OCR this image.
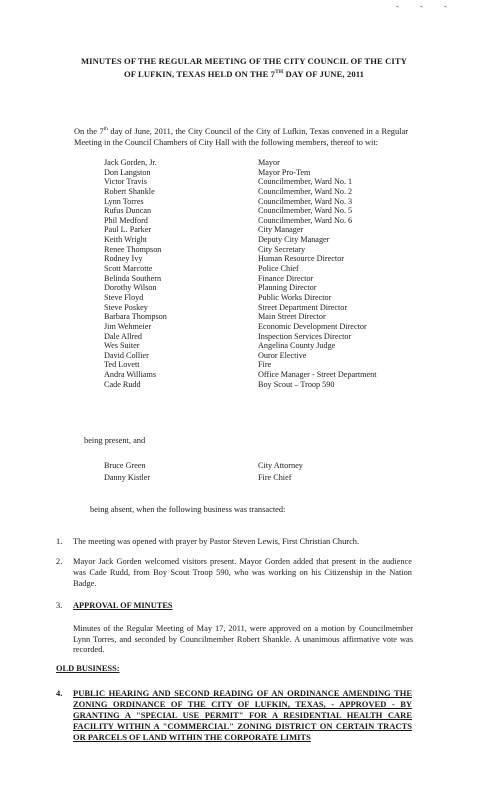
-	-	-
MINUTES OF THE REGULAR MEETING OF THE CITY COUNCIL OF THE CITY
OF LUFKIN, TEXAS HELD ON THE 7TH DAY OF JUNE, 2011
On the 7th day of June, 2011, the City Council of the City of Lufkin, Texas convened in a Regular Meeting in the Council Chambers of City Hall with the following members, thereof to wit:
Jack Gorden, Jr.	Mayor
Don Langston	Mayor Pro-Tem
Victor Travis	Councilmember, Ward No. 1
Robert Shankle	Councilmember, Ward No. 2
Lynn Torres	Councilmember, Ward No. 3
Rufus Duncan	Councilmember, Ward No. 5
Phil Medford	Councilmember, Ward No. 6
Paul L. Parker	City Manager
Keith Wright	Deputy City Manager
Renee Thompson	City Secretary
Rodney Ivy	Human Resource Director
Scott Marcotte	Police Chief
Belinda Southern	Finance Director
Dorothy Wilson	Planning Director
Steve Floyd	Public Works Director
Steve Poskey	Street Department Director
Barbara Thompson	Main Street Director
Jim Wehmeier	Economic Development Director
Dale Allred	Inspection Services Director
Wes Suiter	Angelina County Judge
David Collier	Ouror Elective
Ted Lovett	Fire
Andra Williams	Office Manager - Street Department
Cade Rudd	Boy Scout – Troop 590
being present, and
Bruce Green	City Attorney
Danny Kistler	Fire Chief
being absent, when the following business was transacted:
1. The meeting was opened with prayer by Pastor Steven Lewis, First Christian Church.
2. Mayor Jack Gorden welcomed visitors present. Mayor Gorden added that present in the audience was Cade Rudd, from Boy Scout Troop 590, who was working on his Citizenship in the Nation Badge.
3. APPROVAL OF MINUTES
Minutes of the Regular Meeting of May 17, 2011, were approved on a motion by Councilmember Lynn Torres, and seconded by Councilmember Robert Shankle. A unanimous affirmative vote was recorded.
OLD BUSINESS:
4. PUBLIC HEARING AND SECOND READING OF AN ORDINANCE AMENDING THE ZONING ORDINANCE OF THE CITY OF LUFKIN, TEXAS, - APPROVED - BY GRANTING A "SPECIAL USE PERMIT" FOR A RESIDENTIAL HEALTH CARE FACILITY WITHIN A "COMMERCIAL" ZONING DISTRICT ON CERTAIN TRACTS OR PARCELS OF LAND WITHIN THE CORPORATE LIMITS
